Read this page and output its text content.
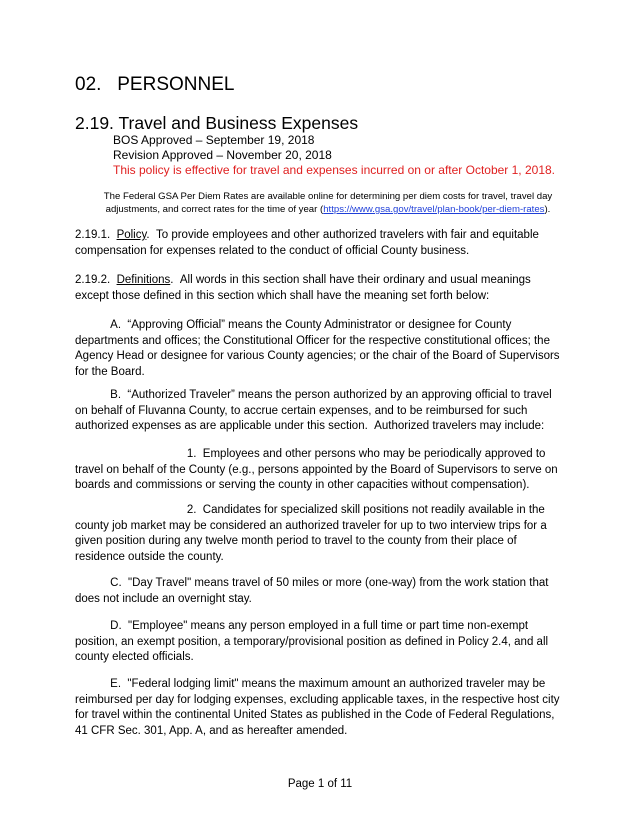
02.   PERSONNEL
2.19. Travel and Business Expenses
BOS Approved – September 19, 2018
Revision Approved – November 20, 2018
This policy is effective for travel and expenses incurred on or after October 1, 2018.
The Federal GSA Per Diem Rates are available online for determining per diem costs for travel, travel day adjustments, and correct rates for the time of year (https://www.gsa.gov/travel/plan-book/per-diem-rates).
2.19.1.  Policy.  To provide employees and other authorized travelers with fair and equitable compensation for expenses related to the conduct of official County business.
2.19.2.  Definitions.  All words in this section shall have their ordinary and usual meanings except those defined in this section which shall have the meaning set forth below:
A.  “Approving Official” means the County Administrator or designee for County departments and offices; the Constitutional Officer for the respective constitutional offices; the Agency Head or designee for various County agencies; or the chair of the Board of Supervisors for the Board.
B.  “Authorized Traveler” means the person authorized by an approving official to travel on behalf of Fluvanna County, to accrue certain expenses, and to be reimbursed for such authorized expenses as are applicable under this section.  Authorized travelers may include:
1.  Employees and other persons who may be periodically approved to travel on behalf of the County (e.g., persons appointed by the Board of Supervisors to serve on boards and commissions or serving the county in other capacities without compensation).
2.  Candidates for specialized skill positions not readily available in the county job market may be considered an authorized traveler for up to two interview trips for a given position during any twelve month period to travel to the county from their place of residence outside the county.
C.  "Day Travel" means travel of 50 miles or more (one-way) from the work station that does not include an overnight stay.
D.  "Employee" means any person employed in a full time or part time non-exempt position, an exempt position, a temporary/provisional position as defined in Policy 2.4, and all county elected officials.
E.  "Federal lodging limit" means the maximum amount an authorized traveler may be reimbursed per day for lodging expenses, excluding applicable taxes, in the respective host city for travel within the continental United States as published in the Code of Federal Regulations, 41 CFR Sec. 301, App. A, and as hereafter amended.
Page 1 of 11
